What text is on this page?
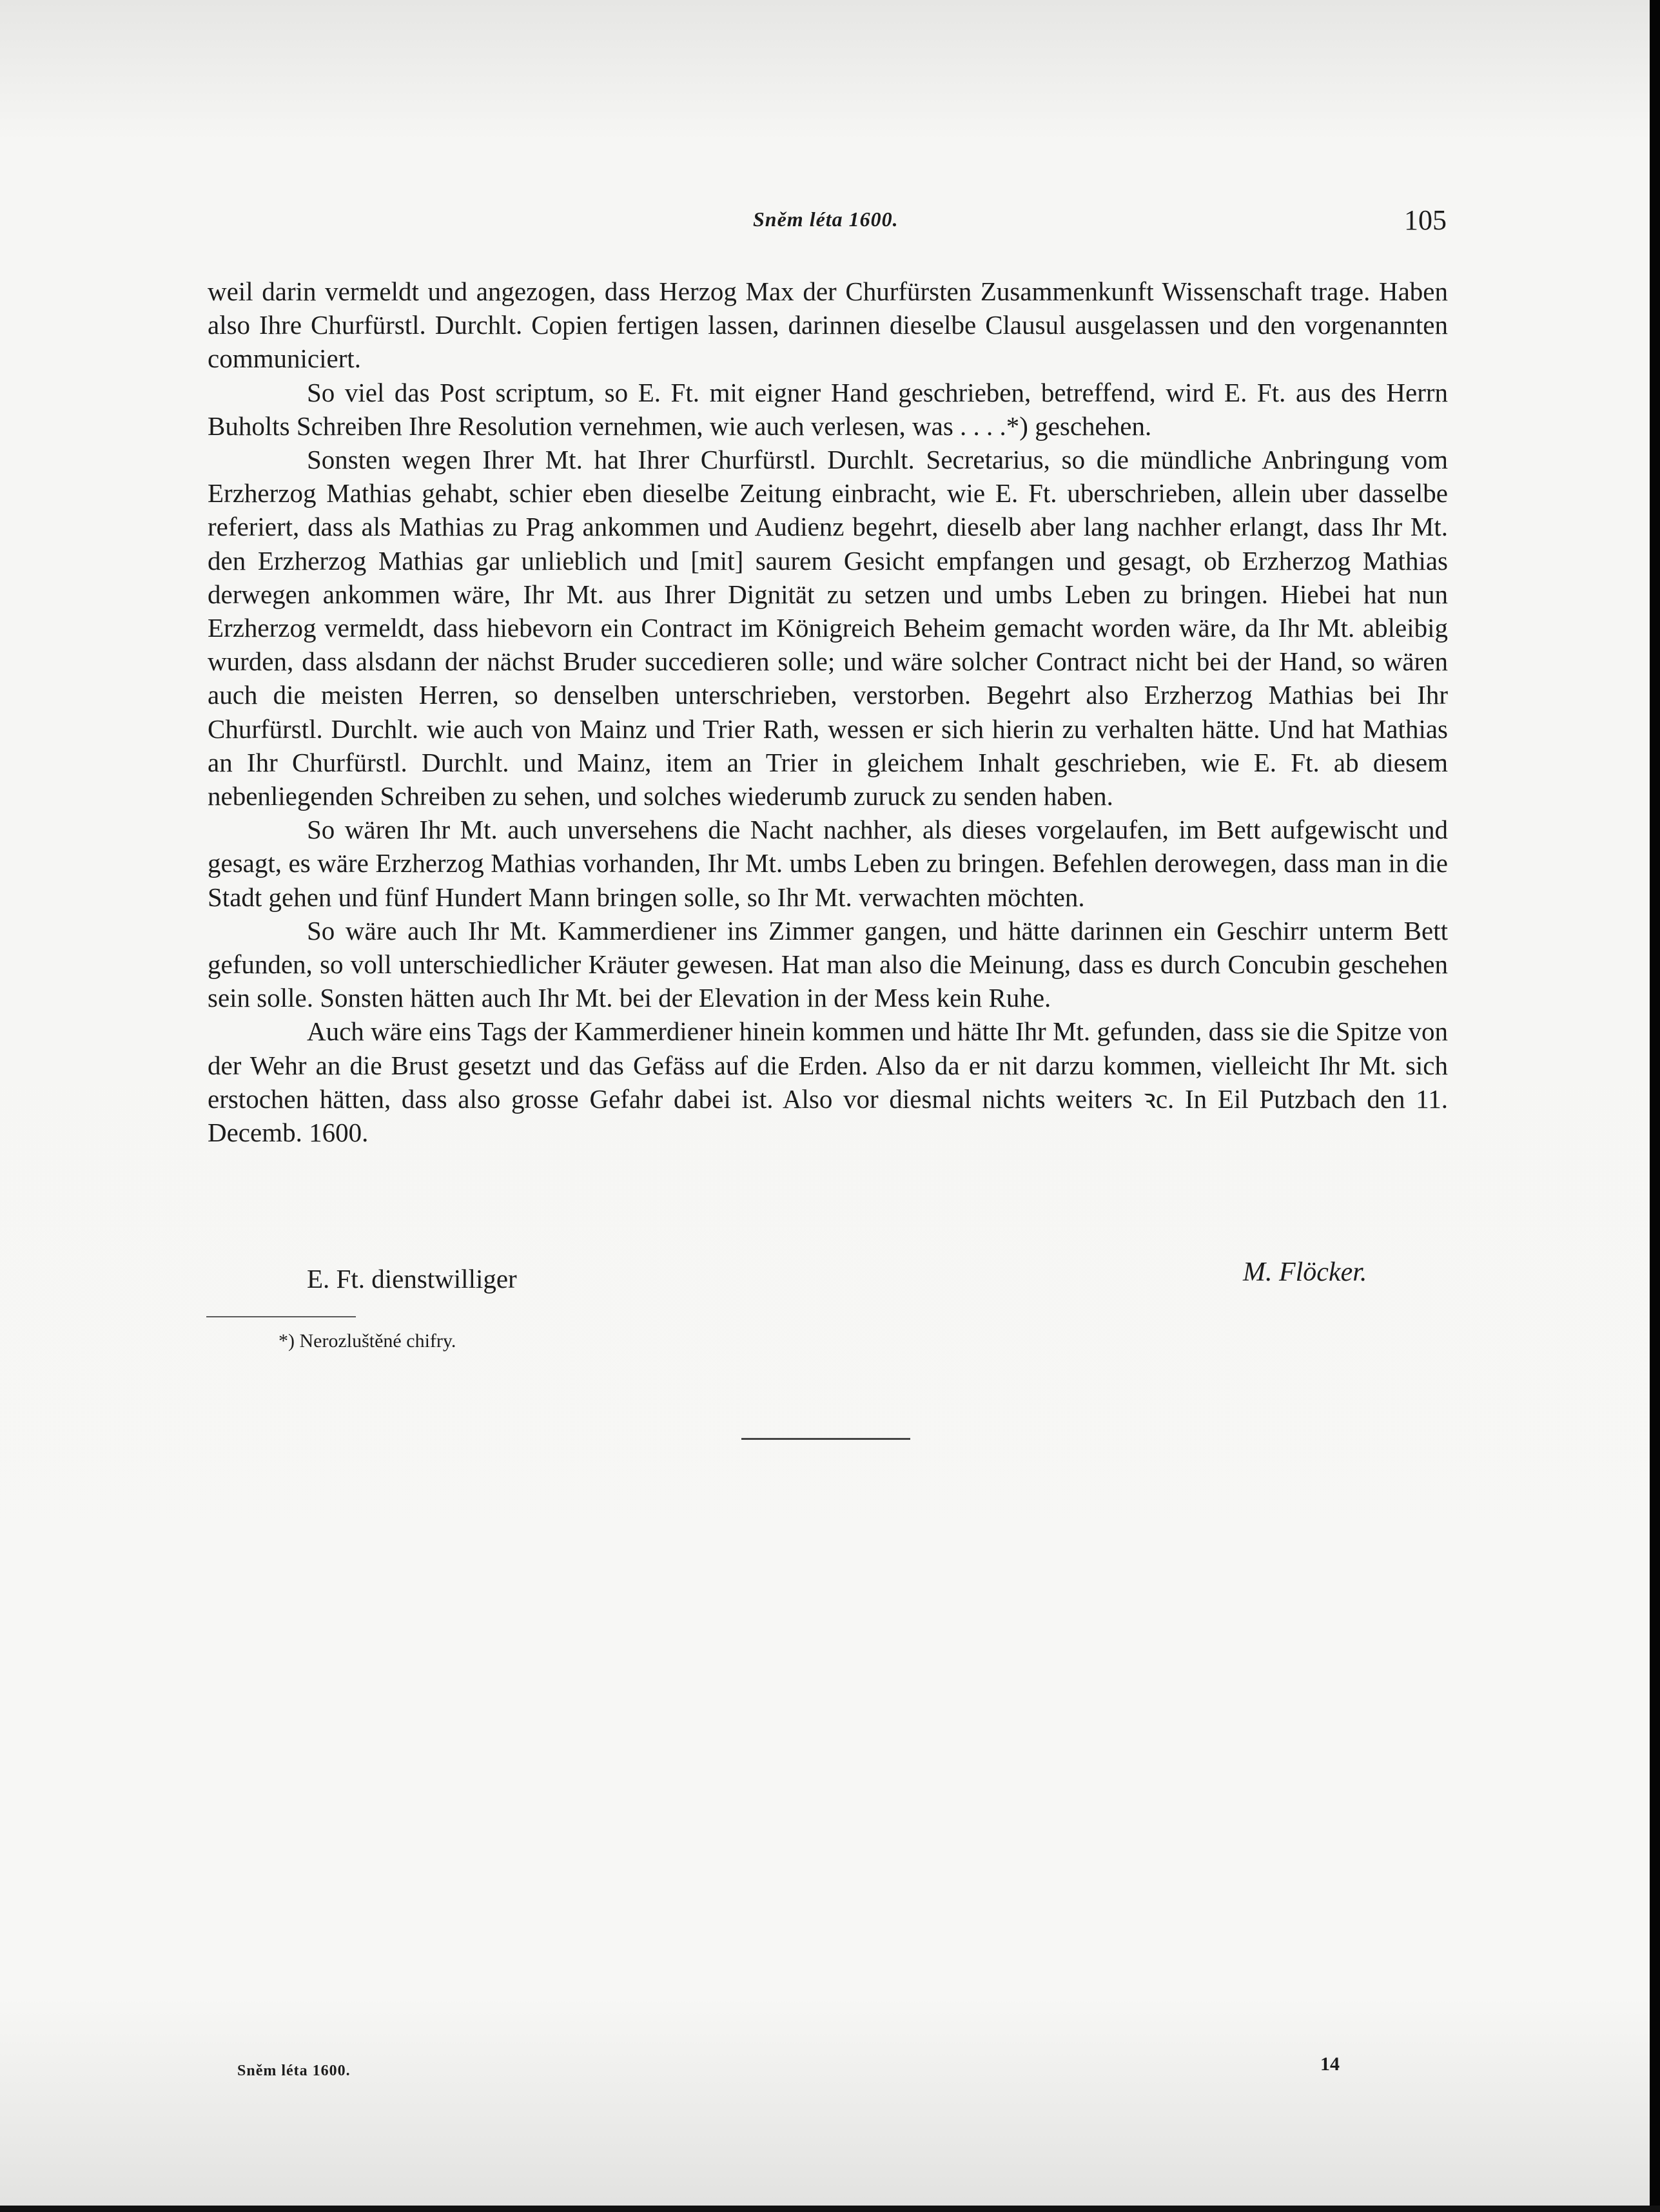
Sněm léta 1600.	105

weil darin vermeldt und angezogen, dass Herzog Max der Churfürsten Zusammenkunft Wissenschaft trage. Haben also Ihre Churfürstl. Durchlt. Copien fertigen lassen, darinnen dieselbe Clausul ausgelassen und den vorgenannten communiciert.

So viel das Post scriptum, so E. Ft. mit eigner Hand geschrieben, betreffend, wird E. Ft. aus des Herrn Buholts Schreiben Ihre Resolution vernehmen, wie auch verlesen, was . . . .*) geschehen.

Sonsten wegen Ihrer Mt. hat Ihrer Churfürstl. Durchlt. Secretarius, so die mündliche Anbringung vom Erzherzog Mathias gehabt, schier eben dieselbe Zeitung einbracht, wie E. Ft. uberschrieben, allein uber dasselbe referiert, dass als Mathias zu Prag ankommen und Audienz begehrt, dieselb aber lang nachher erlangt, dass Ihr Mt. den Erzherzog Mathias gar unlieblich und [mit] saurem Gesicht empfangen und gesagt, ob Erzherzog Mathias derwegen ankommen wäre, Ihr Mt. aus Ihrer Dignität zu setzen und umbs Leben zu bringen. Hiebei hat nun Erzherzog vermeldt, dass hiebevorn ein Contract im Königreich Beheim gemacht worden wäre, da Ihr Mt. ableibig wurden, dass alsdann der nächst Bruder succedieren solle; und wäre solcher Contract nicht bei der Hand, so wären auch die meisten Herren, so denselben unterschrieben, verstorben. Begehrt also Erzherzog Mathias bei Ihr Churfürstl. Durchlt. wie auch von Mainz und Trier Rath, wessen er sich hierin zu verhalten hätte. Und hat Mathias an Ihr Churfürstl. Durchlt. und Mainz, item an Trier in gleichem Inhalt geschrieben, wie E. Ft. ab diesem nebenliegenden Schreiben zu sehen, und solches wiederumb zuruck zu senden haben.

So wären Ihr Mt. auch unversehens die Nacht nachher, als dieses vorgelaufen, im Bett aufgewischt und gesagt, es wäre Erzherzog Mathias vorhanden, Ihr Mt. umbs Leben zu bringen. Befehlen derowegen, dass man in die Stadt gehen und fünf Hundert Mann bringen solle, so Ihr Mt. verwachten möchten.

So wäre auch Ihr Mt. Kammerdiener ins Zimmer gangen, und hätte darinnen ein Geschirr unterm Bett gefunden, so voll unterschiedlicher Kräuter gewesen. Hat man also die Meinung, dass es durch Concubin geschehen sein solle. Sonsten hätten auch Ihr Mt. bei der Elevation in der Mess kein Ruhe.

Auch wäre eins Tags der Kammerdiener hinein kommen und hätte Ihr Mt. gefunden, dass sie die Spitze von der Wehr an die Brust gesetzt und das Gefäss auf die Erden. Also da er nit darzu kommen, vielleicht Ihr Mt. sich erstochen hätten, dass also grosse Gefahr dabei ist. Also vor diesmal nichts weiters ꝛc. In Eil Putzbach den 11. Decemb. 1600.

E. Ft. dienstwilliger	M. Flöcker.
*) Nerozluštěné chifry.
Sněm léta 1600.	14
